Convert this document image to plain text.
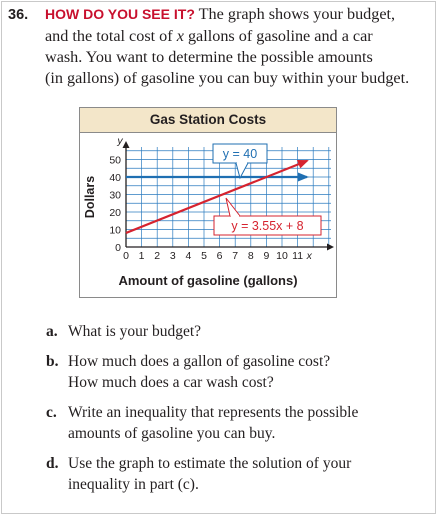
36. HOW DO YOU SEE IT? The graph shows your budget,
and the total cost of x gallons of gasoline and a car
wash. You want to determine the possible amounts
(in gallons) of gasoline you can buy within your budget.
Gas Station Costs
0 1 2 3 4 5 6 7 8 9 10 11 x
0
10
20
30
40
50
y
Dollars
y = 40
y = 3.55x + 8
Amount of gasoline (gallons)
a. What is your budget?
b. How much does a gallon of gasoline cost?
How much does a car wash cost?
c. Write an inequality that represents the possible
amounts of gasoline you can buy.
d. Use the graph to estimate the solution of your
inequality in part (c).
